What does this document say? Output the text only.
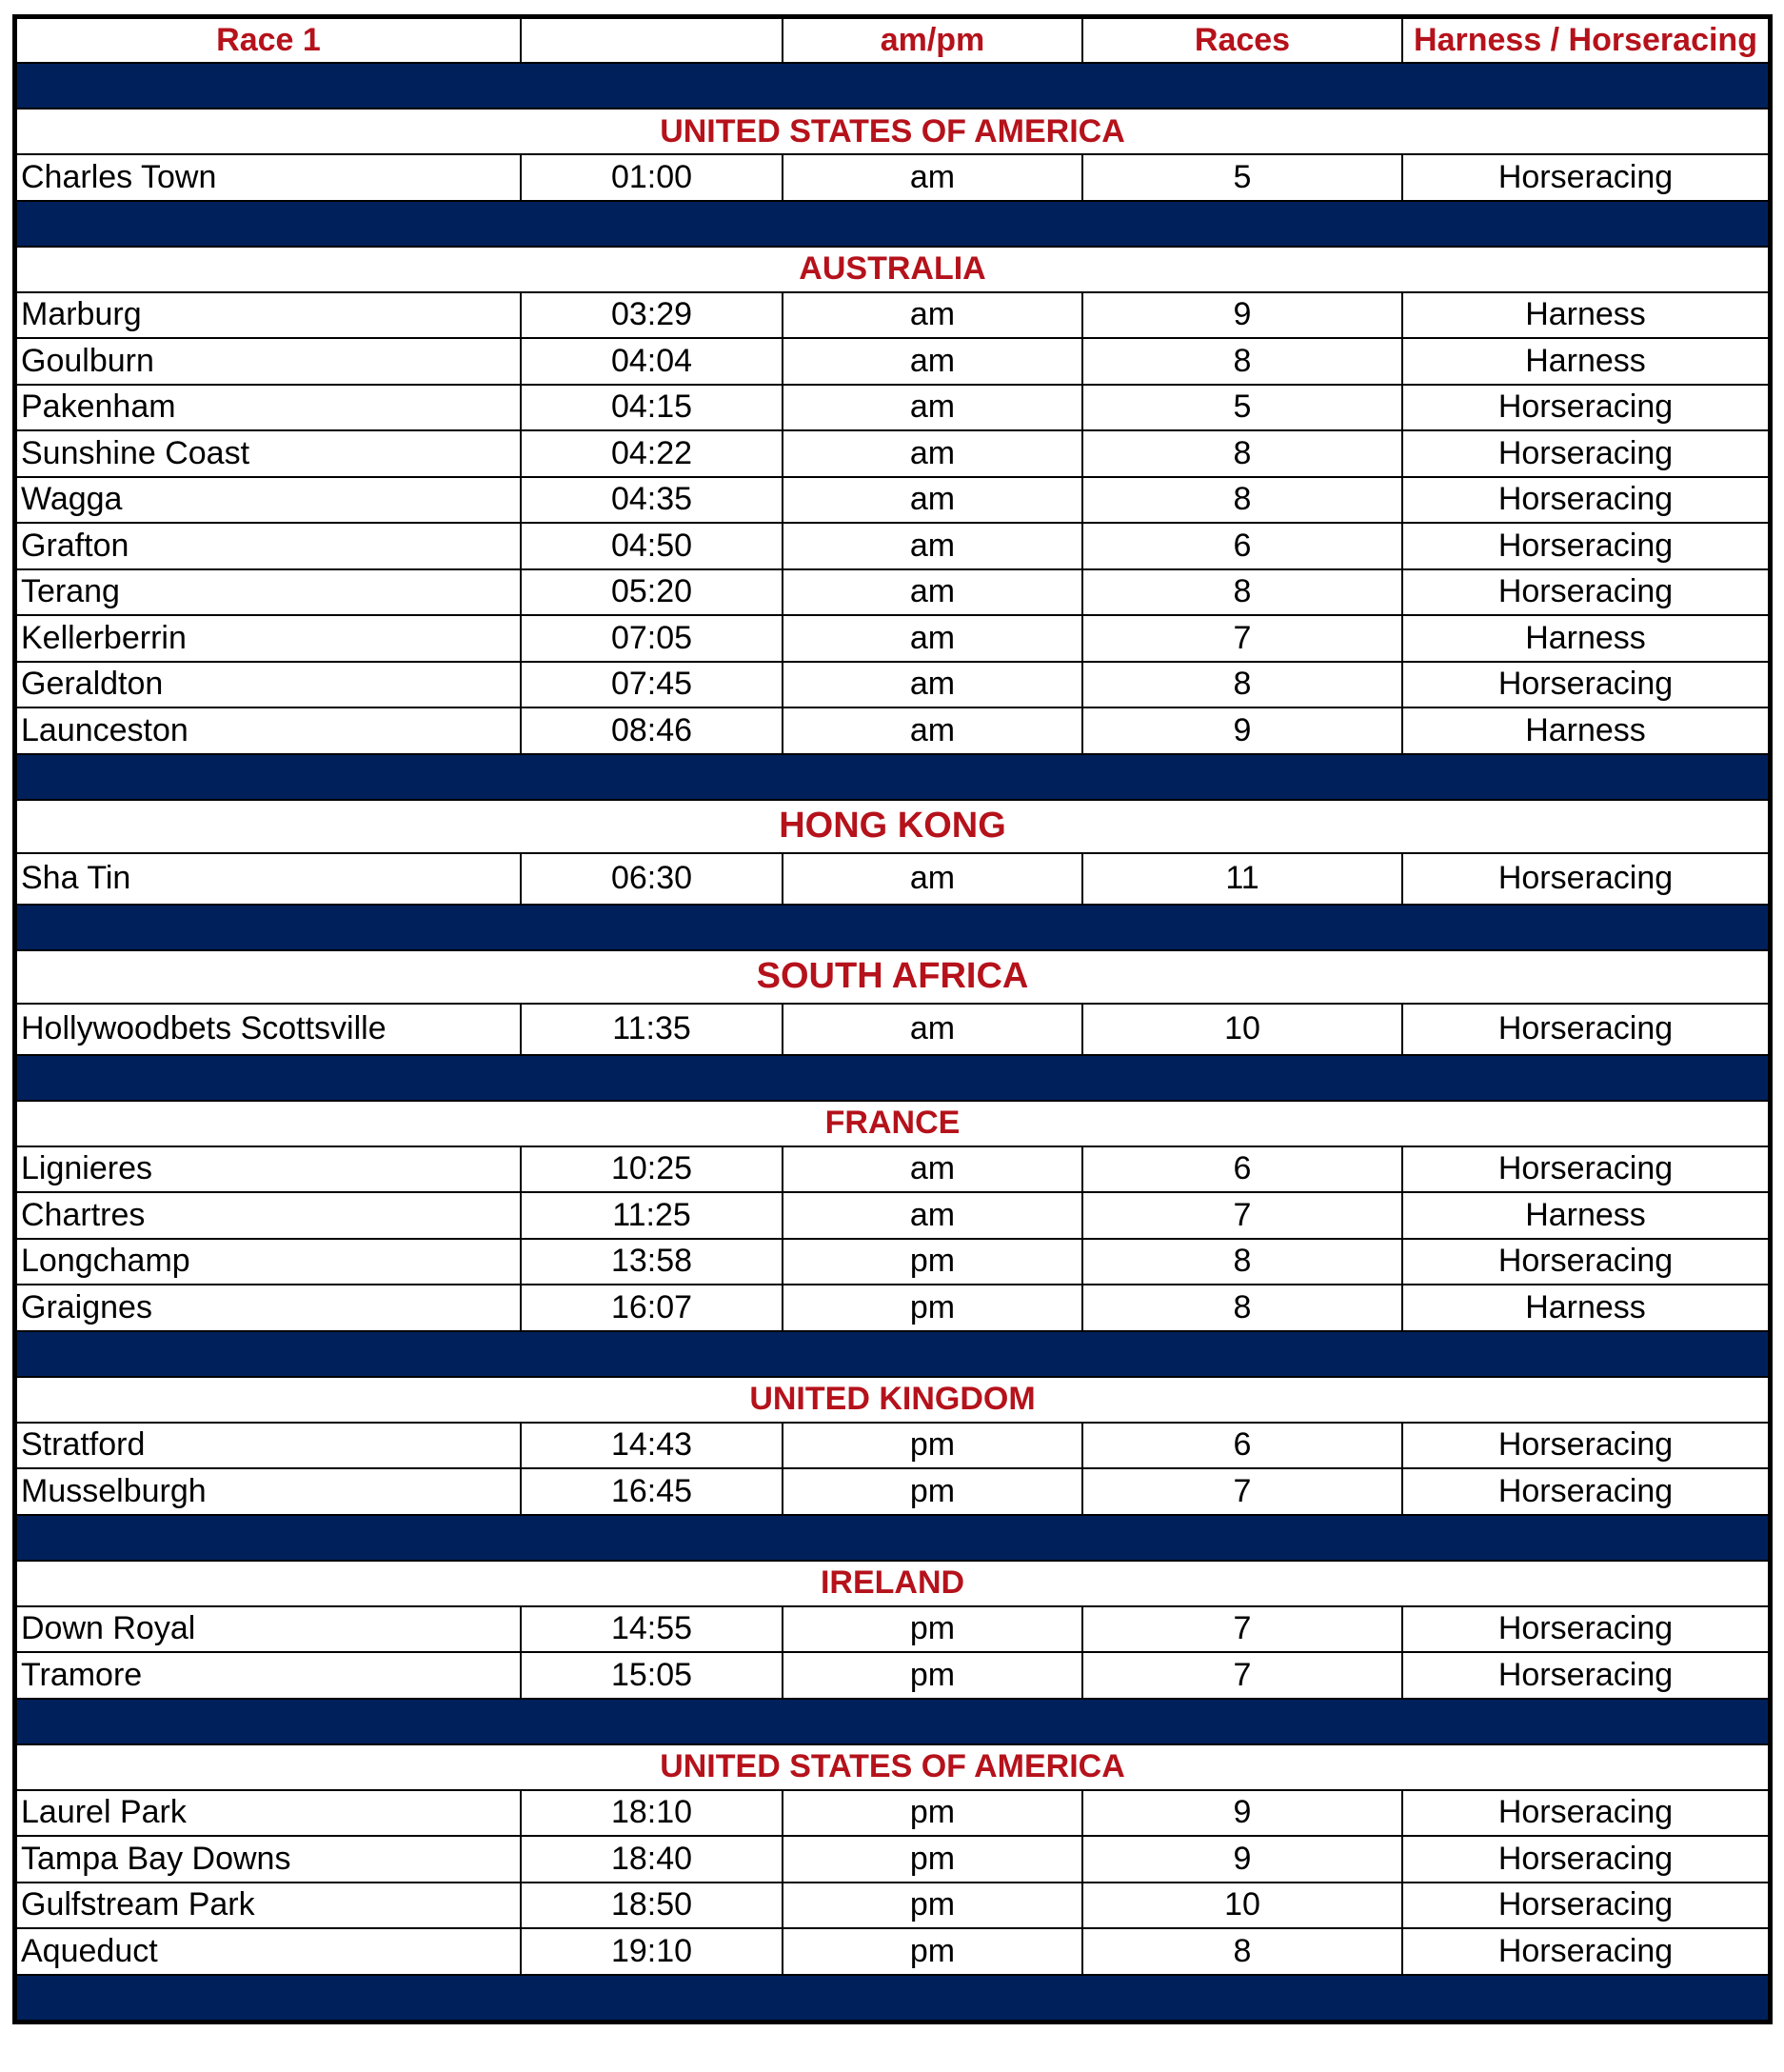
Race 1		am/pm	Races	Harness / Horseracing

UNITED STATES OF AMERICA				
Charles Town	01:00	am	5	Horseracing

AUSTRALIA				
Marburg	03:29	am	9	Harness
Goulburn	04:04	am	8	Harness
Pakenham	04:15	am	5	Horseracing
Sunshine Coast	04:22	am	8	Horseracing
Wagga	04:35	am	8	Horseracing
Grafton	04:50	am	6	Horseracing
Terang	05:20	am	8	Horseracing
Kellerberrin	07:05	am	7	Harness
Geraldton	07:45	am	8	Horseracing
Launceston	08:46	am	9	Harness

HONG KONG				
Sha Tin	06:30	am	11	Horseracing

SOUTH AFRICA				
Hollywoodbets Scottsville	11:35	am	10	Horseracing

FRANCE				
Lignieres	10:25	am	6	Horseracing
Chartres	11:25	am	7	Harness
Longchamp	13:58	pm	8	Horseracing
Graignes	16:07	pm	8	Harness

UNITED KINGDOM				
Stratford	14:43	pm	6	Horseracing
Musselburgh	16:45	pm	7	Horseracing

IRELAND				
Down Royal	14:55	pm	7	Horseracing
Tramore	15:05	pm	7	Horseracing

UNITED STATES OF AMERICA				
Laurel Park	18:10	pm	9	Horseracing
Tampa Bay Downs	18:40	pm	9	Horseracing
Gulfstream Park	18:50	pm	10	Horseracing
Aqueduct	19:10	pm	8	Horseracing
